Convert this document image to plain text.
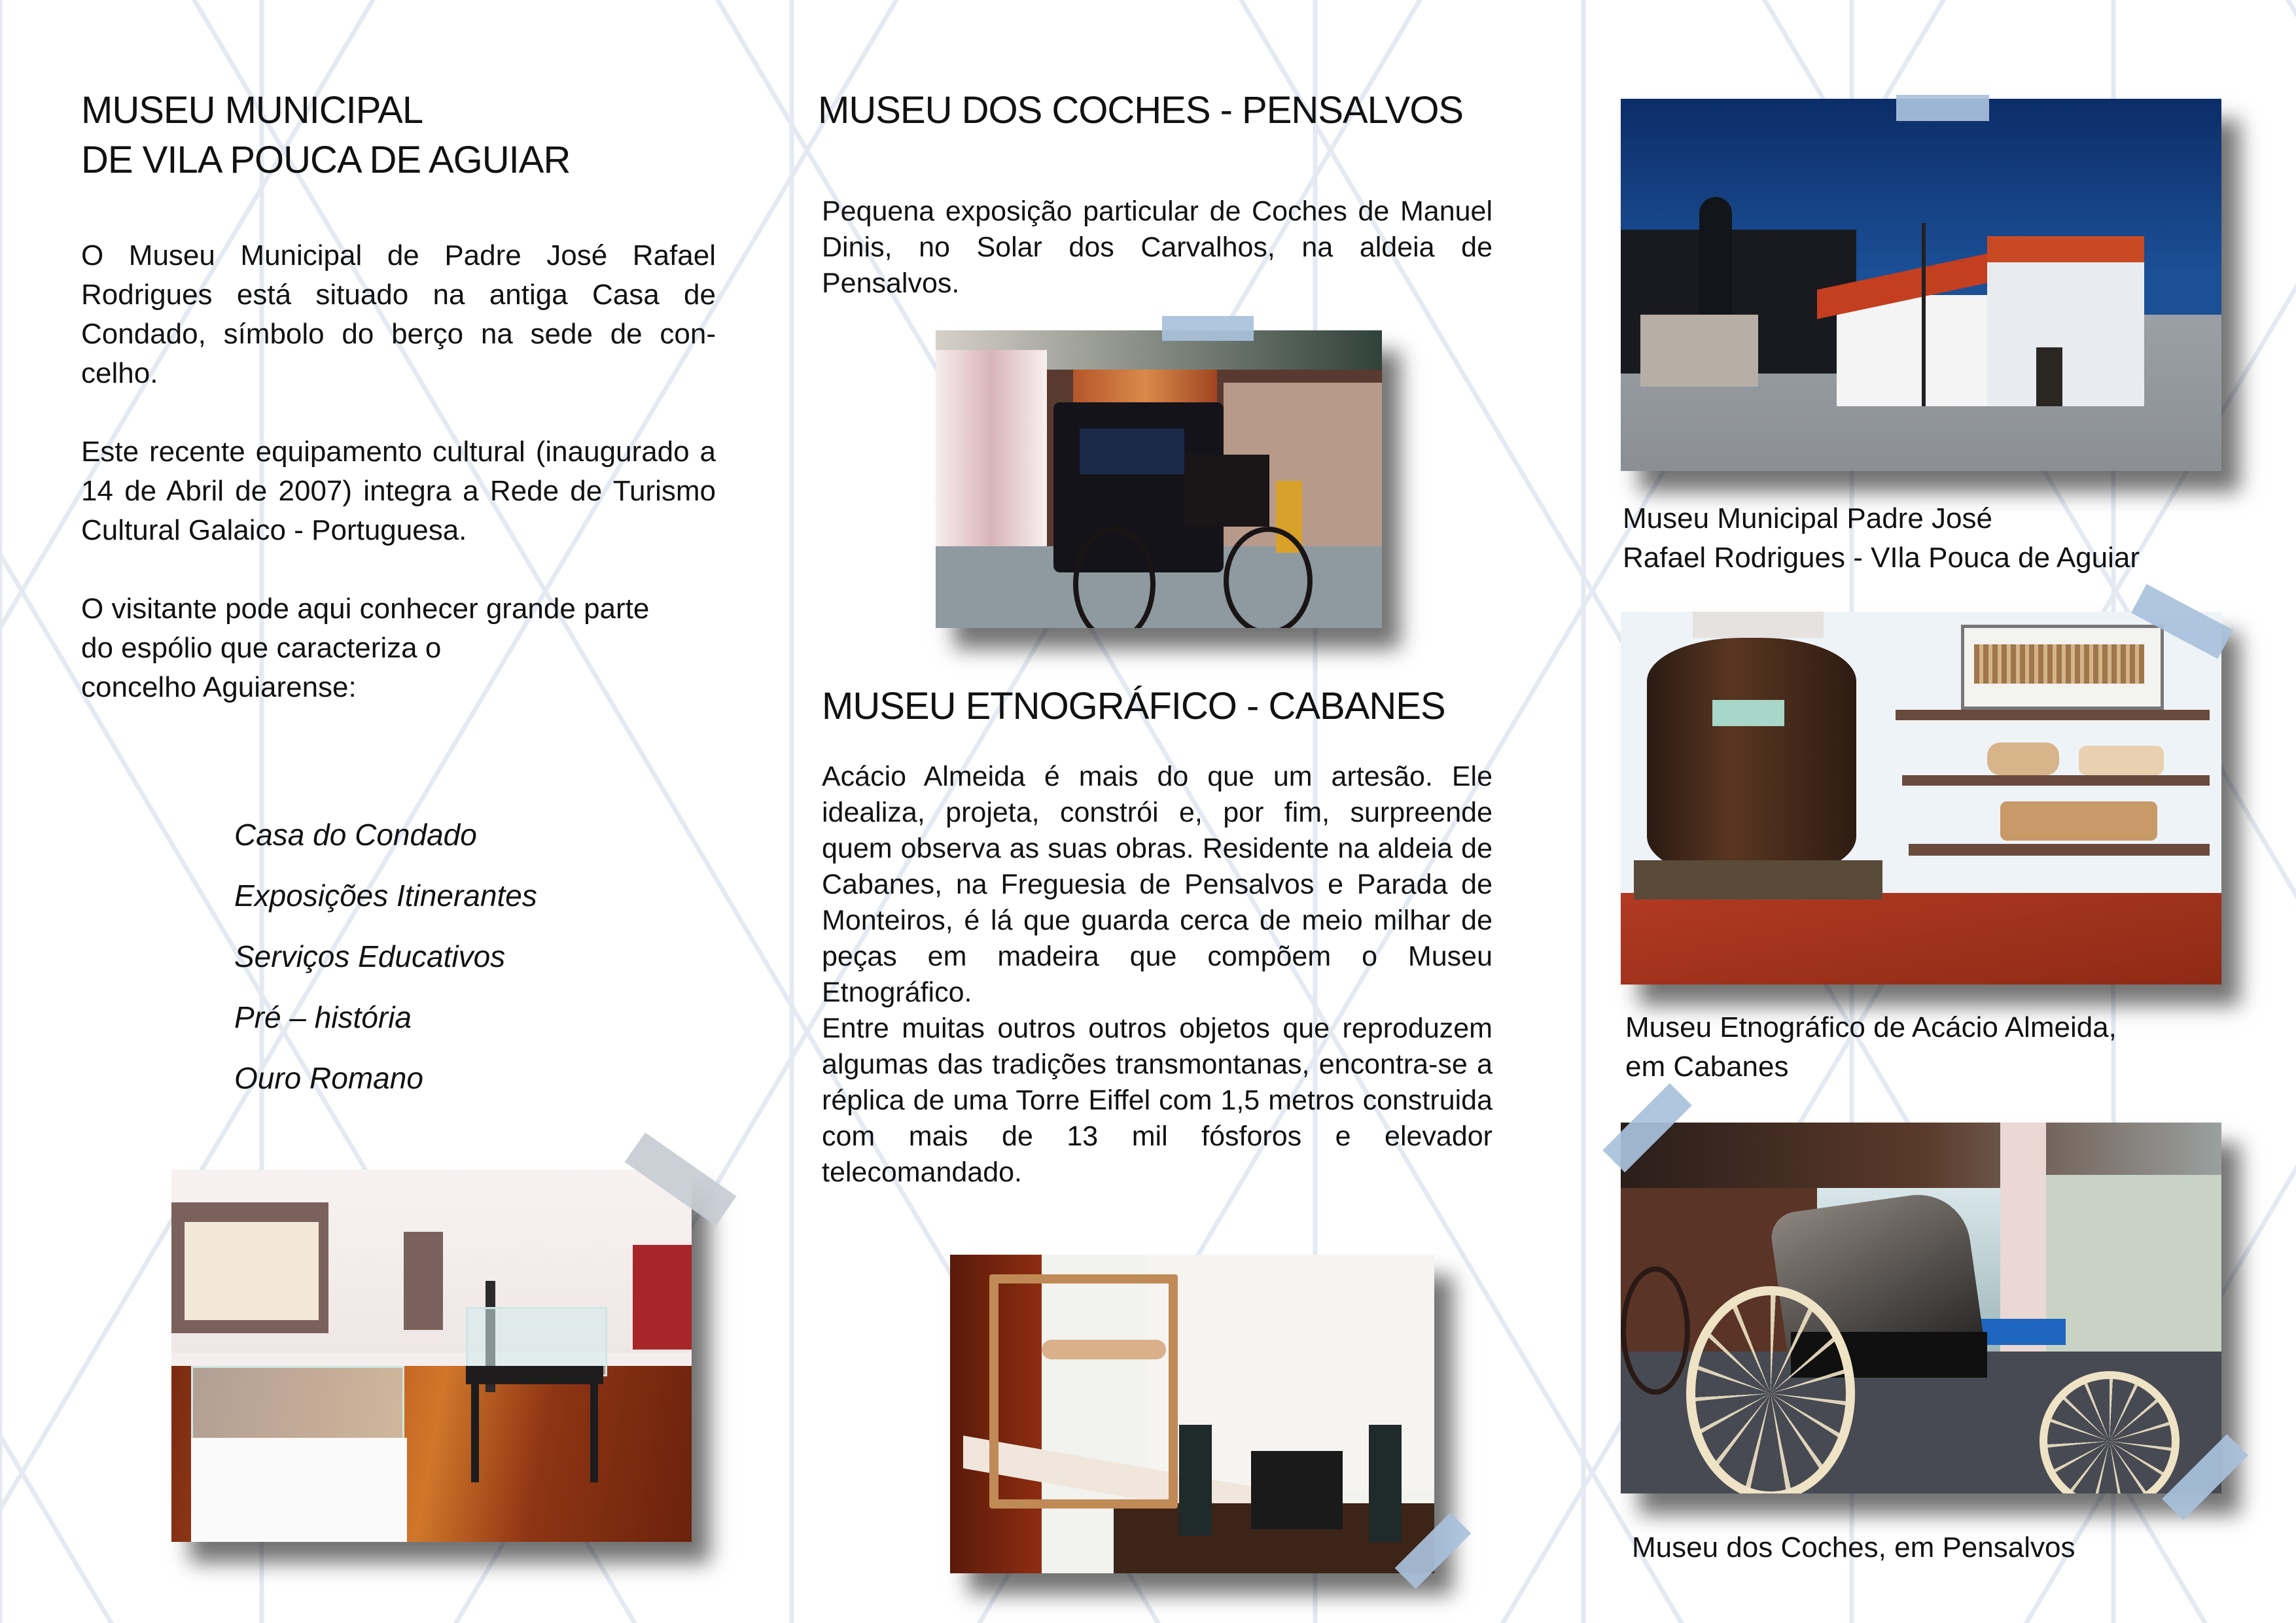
MUSEU MUNICIPAL
DE VILA POUCA DE AGUIAR

O Museu Municipal de Padre José Rafael Rodrigues está situado na antiga Casa de Condado, símbolo do berço na sede de con-celho.

Este recente equipamento cultural (inaugurado a 14 de Abril de 2007) integra a Rede de Turismo Cultural Galaico - Portuguesa.

O visitante pode aqui conhecer grande parte
do espólio que caracteriza o
concelho Aguiarense:

Casa do Condado
Exposições Itinerantes
Serviços Educativos
Pré – história
Ouro Romano
MUSEU DOS COCHES - PENSALVOS
Pequena exposição particular de Coches de Manuel Dinis, no Solar dos Carvalhos, na aldeia de Pensalvos.
MUSEU ETNOGRÁFICO - CABANES
Acácio Almeida é mais do que um artesão. Ele idealiza, projeta, constrói e, por fim, surpreende quem observa as suas obras. Residente na aldeia de Cabanes, na Freguesia de Pensalvos e Parada de Monteiros, é lá que guarda cerca de meio milhar de peças em madeira que compõem o Museu Etnográfico.
Entre muitas outros outros objetos que reproduzem algumas das tradições transmontanas, encontra-se a réplica de uma Torre Eiffel com 1,5 metros construida com mais de 13 mil fósforos e elevador telecomandado.
Museu Municipal Padre José
Rafael Rodrigues - VIla Pouca de Aguiar
Museu Etnográfico de Acácio Almeida,
em Cabanes
Museu dos Coches, em Pensalvos
